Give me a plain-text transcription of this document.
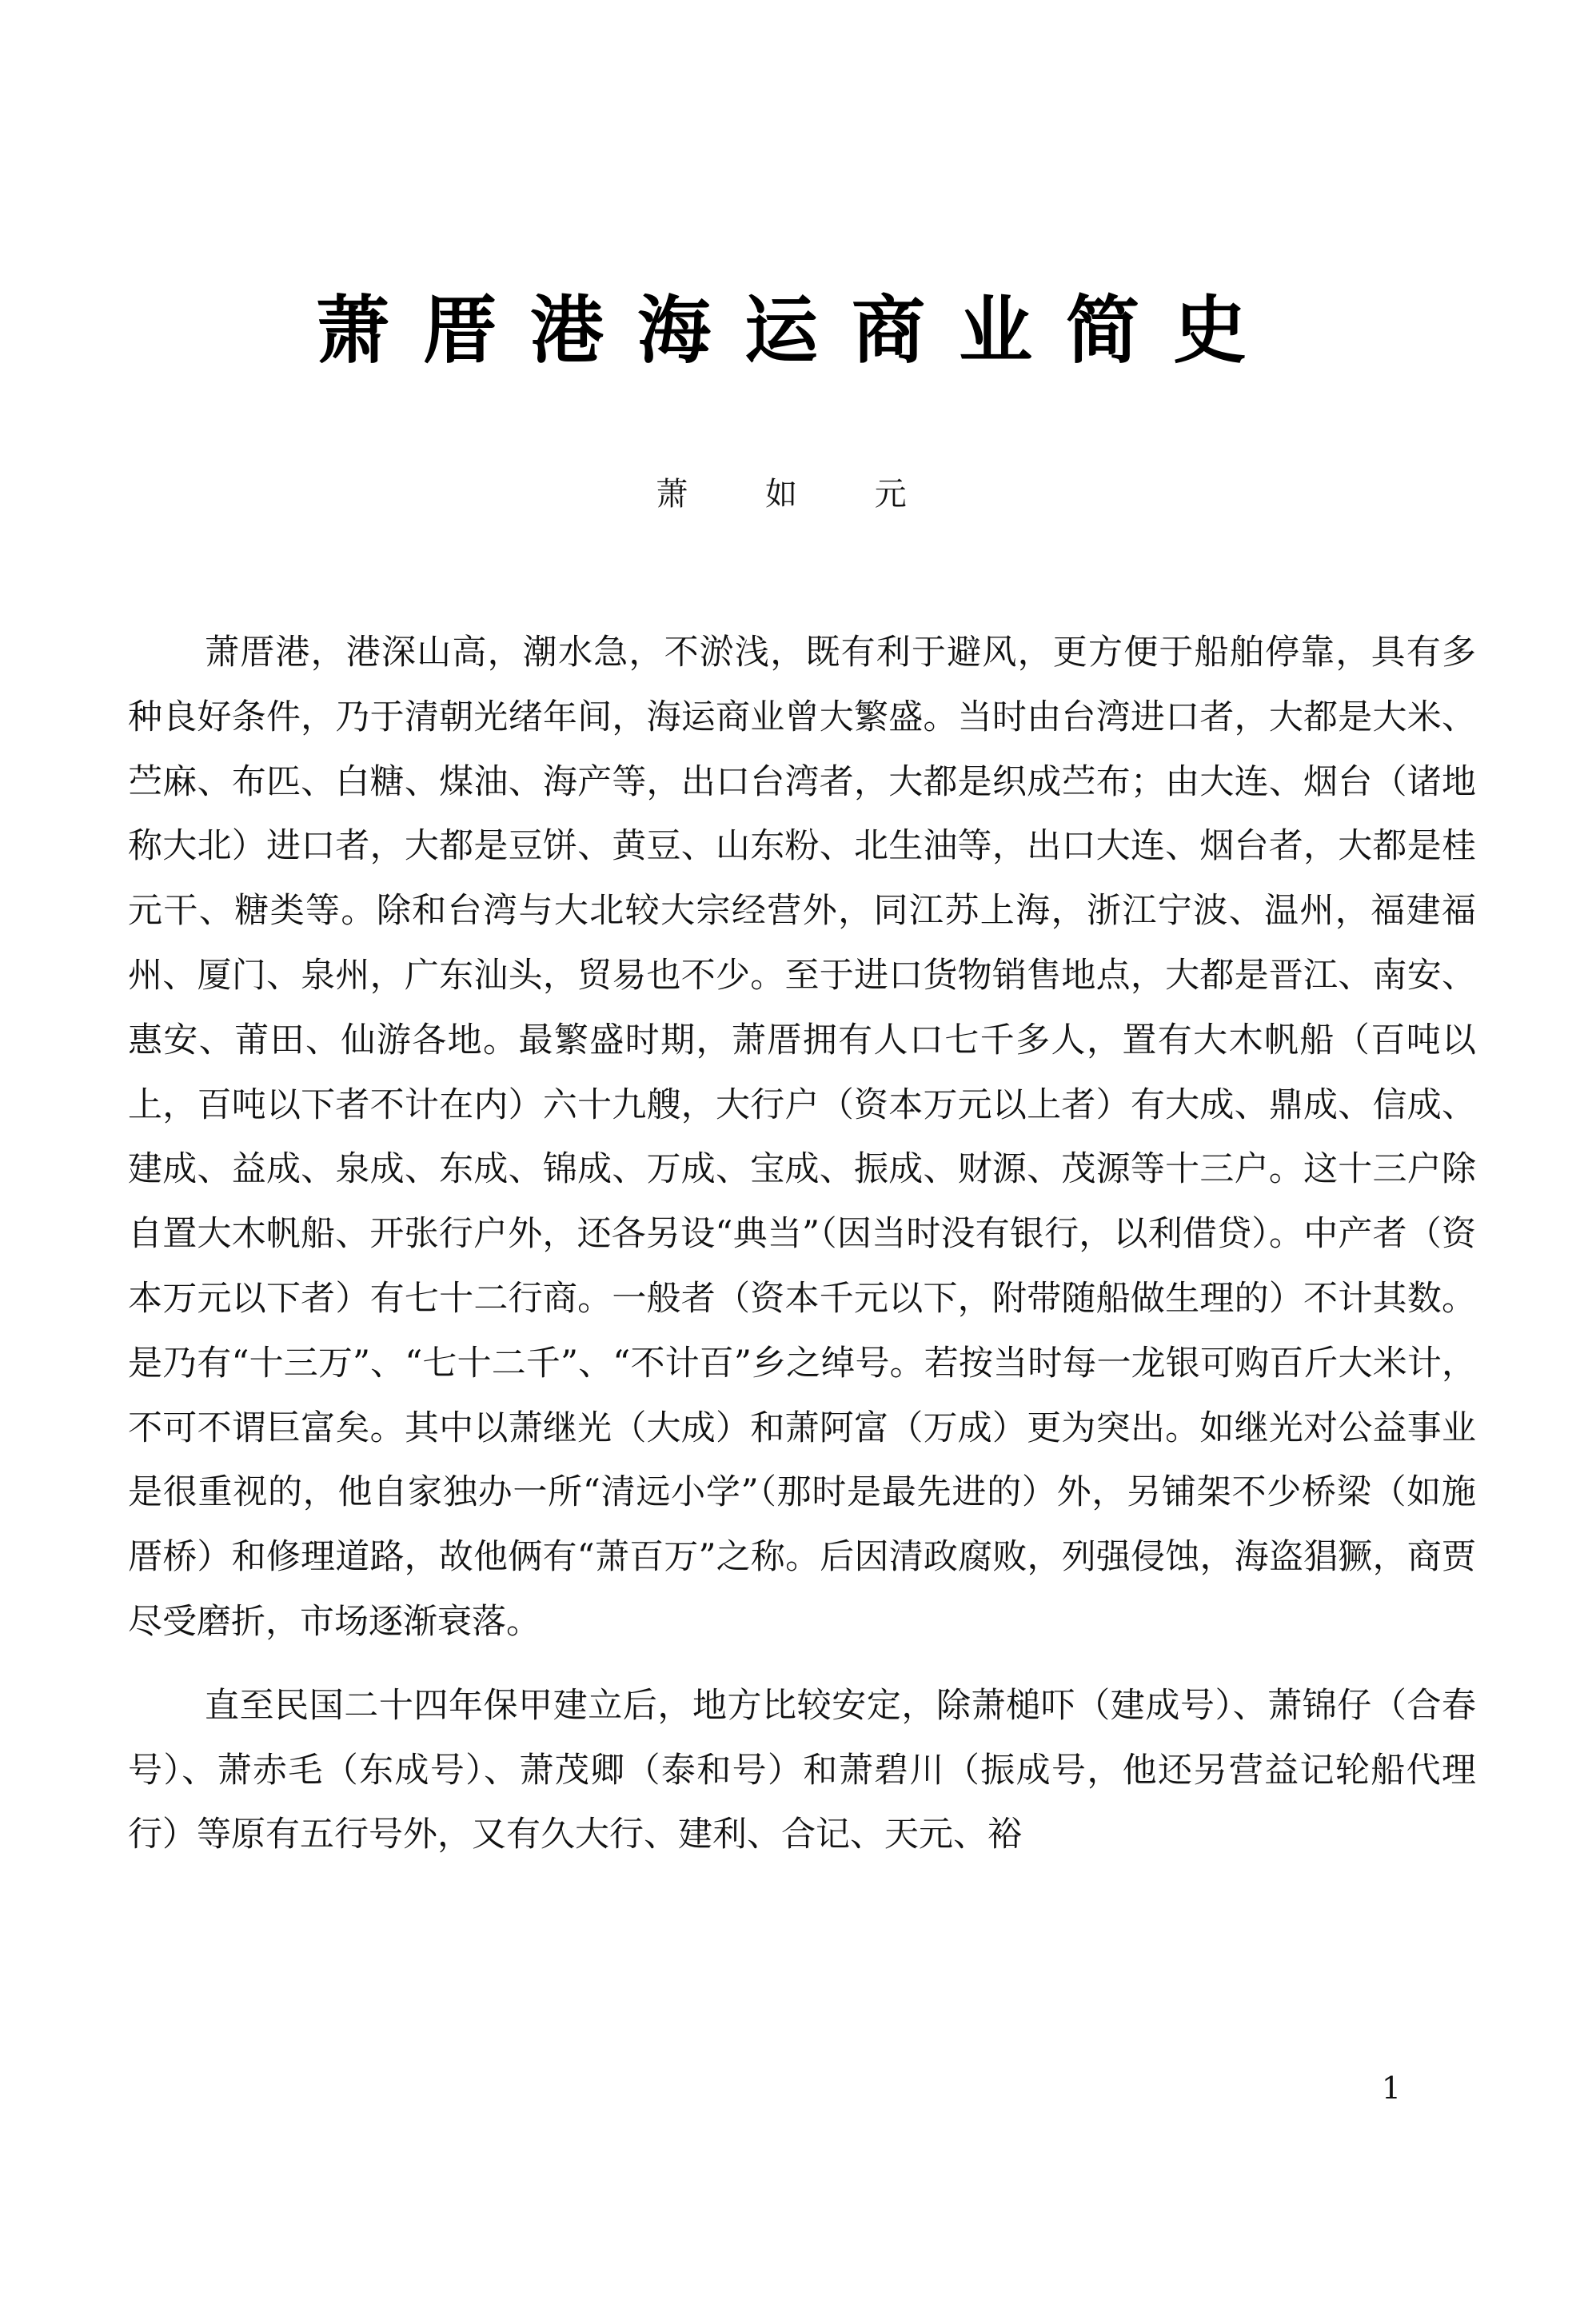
萧厝港海运商业简史
萧 如 元

萧厝港，港深山高，潮水急，不淤浅，既有利于避风，更方便于船舶停靠，具有多种良好条件，乃于清朝光绪年间，海运商业曾大繁盛。当时由台湾进口者，大都是大米、苎麻、布匹、白糖、煤油、海产等，出口台湾者，大都是织成苎布；由大连、烟台（诸地称大北）进口者，大都是豆饼、黄豆、山东粉、北生油等，出口大连、烟台者，大都是桂元干、糖类等。除和台湾与大北较大宗经营外，同江苏上海，浙江宁波、温州，福建福州、厦门、泉州，广东汕头，贸易也不少。至于进口货物销售地点，大都是晋江、南安、惠安、莆田、仙游各地。最繁盛时期，萧厝拥有人口七千多人，置有大木帆船（百吨以上，百吨以下者不计在内）六十九艘，大行户（资本万元以上者）有大成、鼎成、信成、建成、益成、泉成、东成、锦成、万成、宝成、振成、财源、茂源等十三户。这十三户除自置大木帆船、开张行户外，还各另设“典当”（因当时没有银行，以利借贷）。中产者（资本万元以下者）有七十二行商。一般者（资本千元以下，附带随船做生理的）不计其数。是乃有“十三万”、“七十二千”、“不计百”乡之绰号。若按当时每一龙银可购百斤大米计，不可不谓巨富矣。其中以萧继光（大成）和萧阿富（万成）更为突出。如继光对公益事业是很重视的，他自家独办一所“清远小学”（那时是最先进的）外，另铺架不少桥梁（如施厝桥）和修理道路，故他俩有“萧百万”之称。后因清政腐败，列强侵蚀，海盗猖獗，商贾尽受磨折，市场逐渐衰落。

直至民国二十四年保甲建立后，地方比较安定，除萧槌吓（建成号）、萧锦仔（合春号）、萧赤毛（东成号）、萧茂卿（泰和号）和萧碧川（振成号，他还另营益记轮船代理行）等原有五行号外，又有久大行、建利、合记、天元、裕

1
